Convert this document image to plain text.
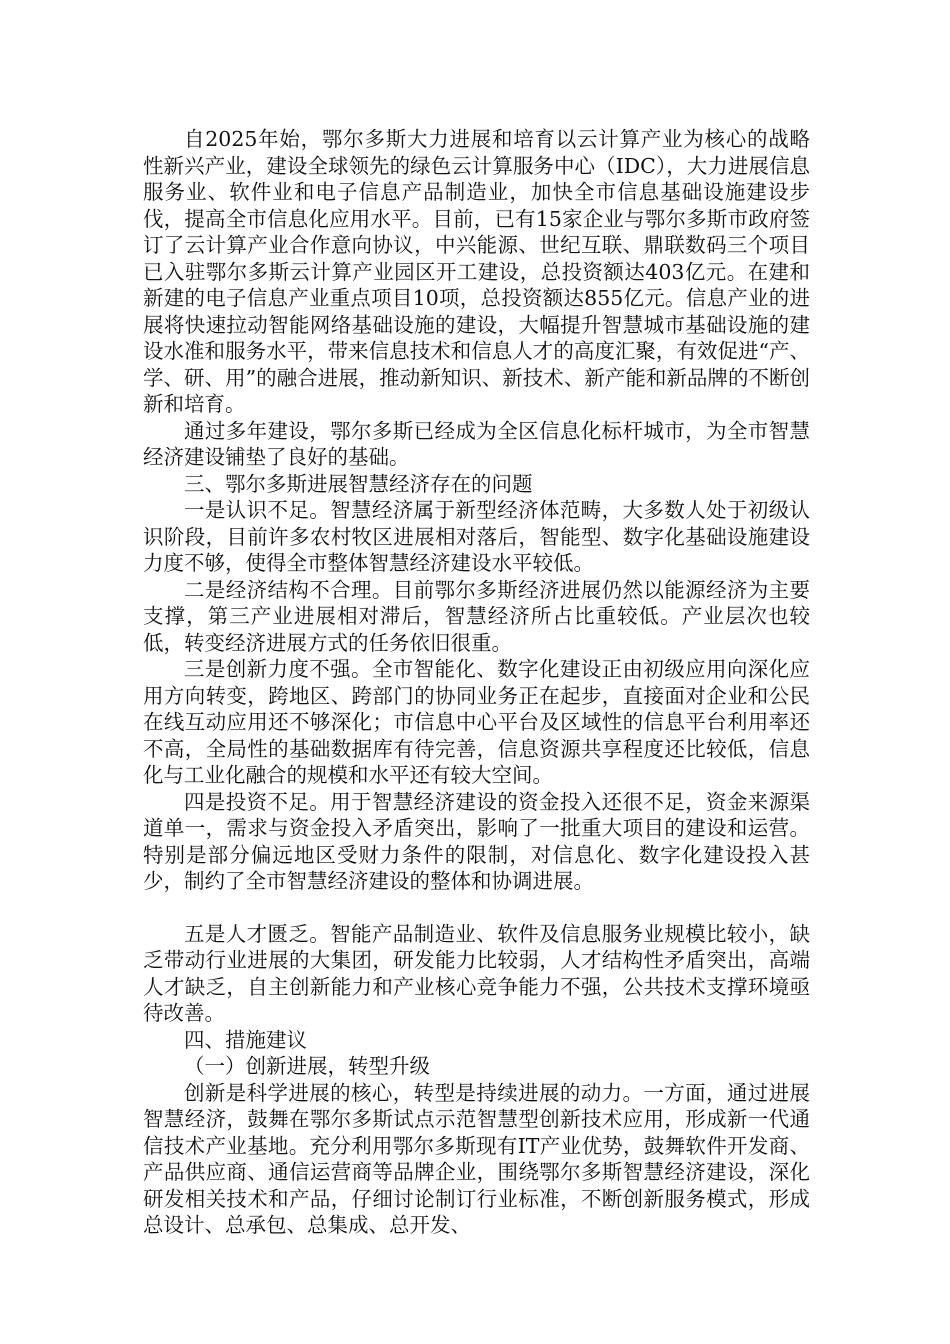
自2025年始，鄂尔多斯大力进展和培育以云计算产业为核心的战略性新兴产业，建设全球领先的绿色云计算服务中心（IDC），大力进展信息服务业、软件业和电子信息产品制造业，加快全市信息基础设施建设步伐，提高全市信息化应用水平。目前，已有15家企业与鄂尔多斯市政府签订了云计算产业合作意向协议，中兴能源、世纪互联、鼎联数码三个项目已入驻鄂尔多斯云计算产业园区开工建设，总投资额达403亿元。在建和新建的电子信息产业重点项目10项，总投资额达855亿元。信息产业的进展将快速拉动智能网络基础设施的建设，大幅提升智慧城市基础设施的建设水准和服务水平，带来信息技术和信息人才的高度汇聚，有效促进“产、学、研、用”的融合进展，推动新知识、新技术、新产能和新品牌的不断创新和培育。

通过多年建设，鄂尔多斯已经成为全区信息化标杆城市，为全市智慧经济建设铺垫了良好的基础。

三、鄂尔多斯进展智慧经济存在的问题

一是认识不足。智慧经济属于新型经济体范畴，大多数人处于初级认识阶段，目前许多农村牧区进展相对落后，智能型、数字化基础设施建设力度不够，使得全市整体智慧经济建设水平较低。

二是经济结构不合理。目前鄂尔多斯经济进展仍然以能源经济为主要支撑，第三产业进展相对滞后，智慧经济所占比重较低。产业层次也较低，转变经济进展方式的任务依旧很重。

三是创新力度不强。全市智能化、数字化建设正由初级应用向深化应用方向转变，跨地区、跨部门的协同业务正在起步，直接面对企业和公民在线互动应用还不够深化；市信息中心平台及区域性的信息平台利用率还不高，全局性的基础数据库有待完善，信息资源共享程度还比较低，信息化与工业化融合的规模和水平还有较大空间。

四是投资不足。用于智慧经济建设的资金投入还很不足，资金来源渠道单一，需求与资金投入矛盾突出，影响了一批重大项目的建设和运营。特别是部分偏远地区受财力条件的限制，对信息化、数字化建设投入甚少，制约了全市智慧经济建设的整体和协调进展。

五是人才匮乏。智能产品制造业、软件及信息服务业规模比较小，缺乏带动行业进展的大集团，研发能力比较弱，人才结构性矛盾突出，高端人才缺乏，自主创新能力和产业核心竞争能力不强，公共技术支撑环境亟待改善。

四、措施建议

（一）创新进展，转型升级

创新是科学进展的核心，转型是持续进展的动力。一方面，通过进展智慧经济，鼓舞在鄂尔多斯试点示范智慧型创新技术应用，形成新一代通信技术产业基地。充分利用鄂尔多斯现有IT产业优势，鼓舞软件开发商、产品供应商、通信运营商等品牌企业，围绕鄂尔多斯智慧经济建设，深化研发相关技术和产品，仔细讨论制订行业标准，不断创新服务模式，形成总设计、总承包、总集成、总开发、
